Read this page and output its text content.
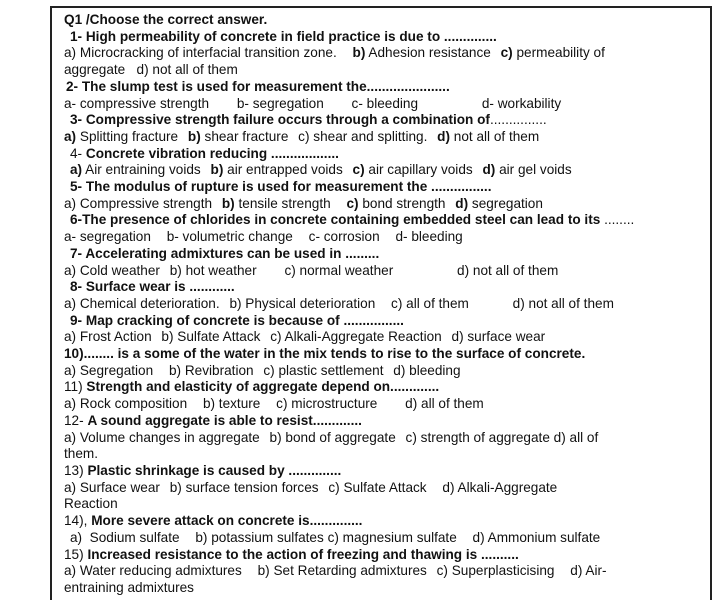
Q1 /Choose the correct answer.
1- High permeability of concrete in field practice is due to ..............
a) Microcracking of interfacial transition zone. b) Adhesion resistance c) permeability of
aggregate   d) not all of them
2- The slump test is used for measurement the......................
a- compressive strength b- segregation c- bleeding	d- workability
3- Compressive strength failure occurs through a combination of...............
a) Splitting fracture b) shear fracture c) shear and splitting. d) not all of them
4- Concrete vibration reducing ..................
a) Air entraining voids b) air entrapped voids c) air capillary voids d) air gel voids
5- The modulus of rupture is used for measurement the ................
a) Compressive strength b) tensile strength c) bond strength d) segregation
6-The presence of chlorides in concrete containing embedded steel can lead to its ........
a- segregation b- volumetric change c- corrosion d- bleeding
7- Accelerating admixtures can be used in .........
a) Cold weather b) hot weather c) normal weather	d) not all of them
8- Surface wear is ............
a) Chemical deterioration. b) Physical deterioration c) all of them	d) not all of them
9- Map cracking of concrete is because of ................
a) Frost Action b) Sulfate Attack c) Alkali-Aggregate Reaction d) surface wear
10)........ is a some of the water in the mix tends to rise to the surface of concrete.
a) Segregation b) Revibration c) plastic settlement d) bleeding
11) Strength and elasticity of aggregate depend on.............
a) Rock composition b) texture c) microstructure d) all of them
12- A sound aggregate is able to resist.............
a) Volume changes in aggregate b) bond of aggregate c) strength of aggregate d) all of
them.
13) Plastic shrinkage is caused by ..............
a) Surface wear b) surface tension forces c) Sulfate Attack d) Alkali-Aggregate
Reaction
14), More severe attack on concrete is..............
a)  Sodium sulfate b) potassium sulfates c) magnesium sulfate d) Ammonium sulfate
15) Increased resistance to the action of freezing and thawing is ..........
a) Water reducing admixtures b) Set Retarding admixtures c) Superplasticising d) Air-
entraining admixtures
